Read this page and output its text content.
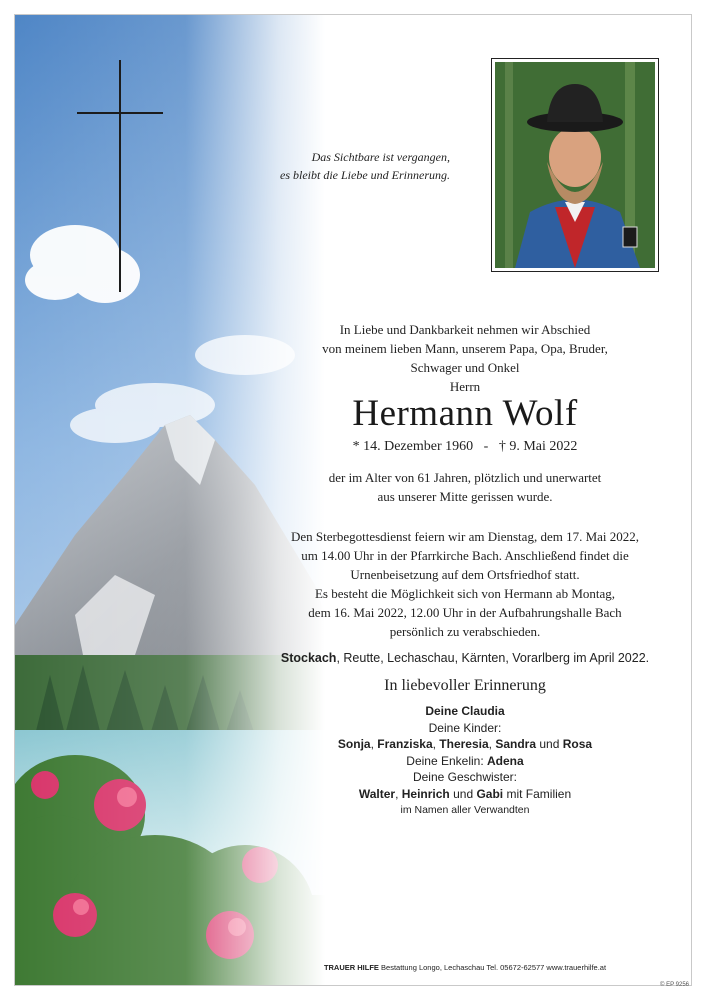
Das Sichtbare ist vergangen,
es bleibt die Liebe und Erinnerung.
In Liebe und Dankbarkeit nehmen wir Abschied
von meinem lieben Mann, unserem Papa, Opa, Bruder,
Schwager und Onkel
Herrn
Hermann Wolf
* 14. Dezember 1960 - † 9. Mai 2022
der im Alter von 61 Jahren, plötzlich und unerwartet
aus unserer Mitte gerissen wurde.
Den Sterbegottesdienst feiern wir am Dienstag, dem 17. Mai 2022,
um 14.00 Uhr in der Pfarrkirche Bach. Anschließend findet die
Urnenbeisetzung auf dem Ortsfriedhof statt.
Es besteht die Möglichkeit sich von Hermann ab Montag,
dem 16. Mai 2022, 12.00 Uhr in der Aufbahrungshalle Bach
persönlich zu verabschieden.
Stockach, Reutte, Lechaschau, Kärnten, Vorarlberg im April 2022.
In liebevoller Erinnerung
Deine Claudia
Deine Kinder:
Sonja, Franziska, Theresia, Sandra und Rosa
Deine Enkelin: Adena
Deine Geschwister:
Walter, Heinrich und Gabi mit Familien
im Namen aller Verwandten
TRAUER HILFE Bestattung Longo, Lechaschau Tel. 05672-62577 www.trauerhilfe.at
© EP 9256
